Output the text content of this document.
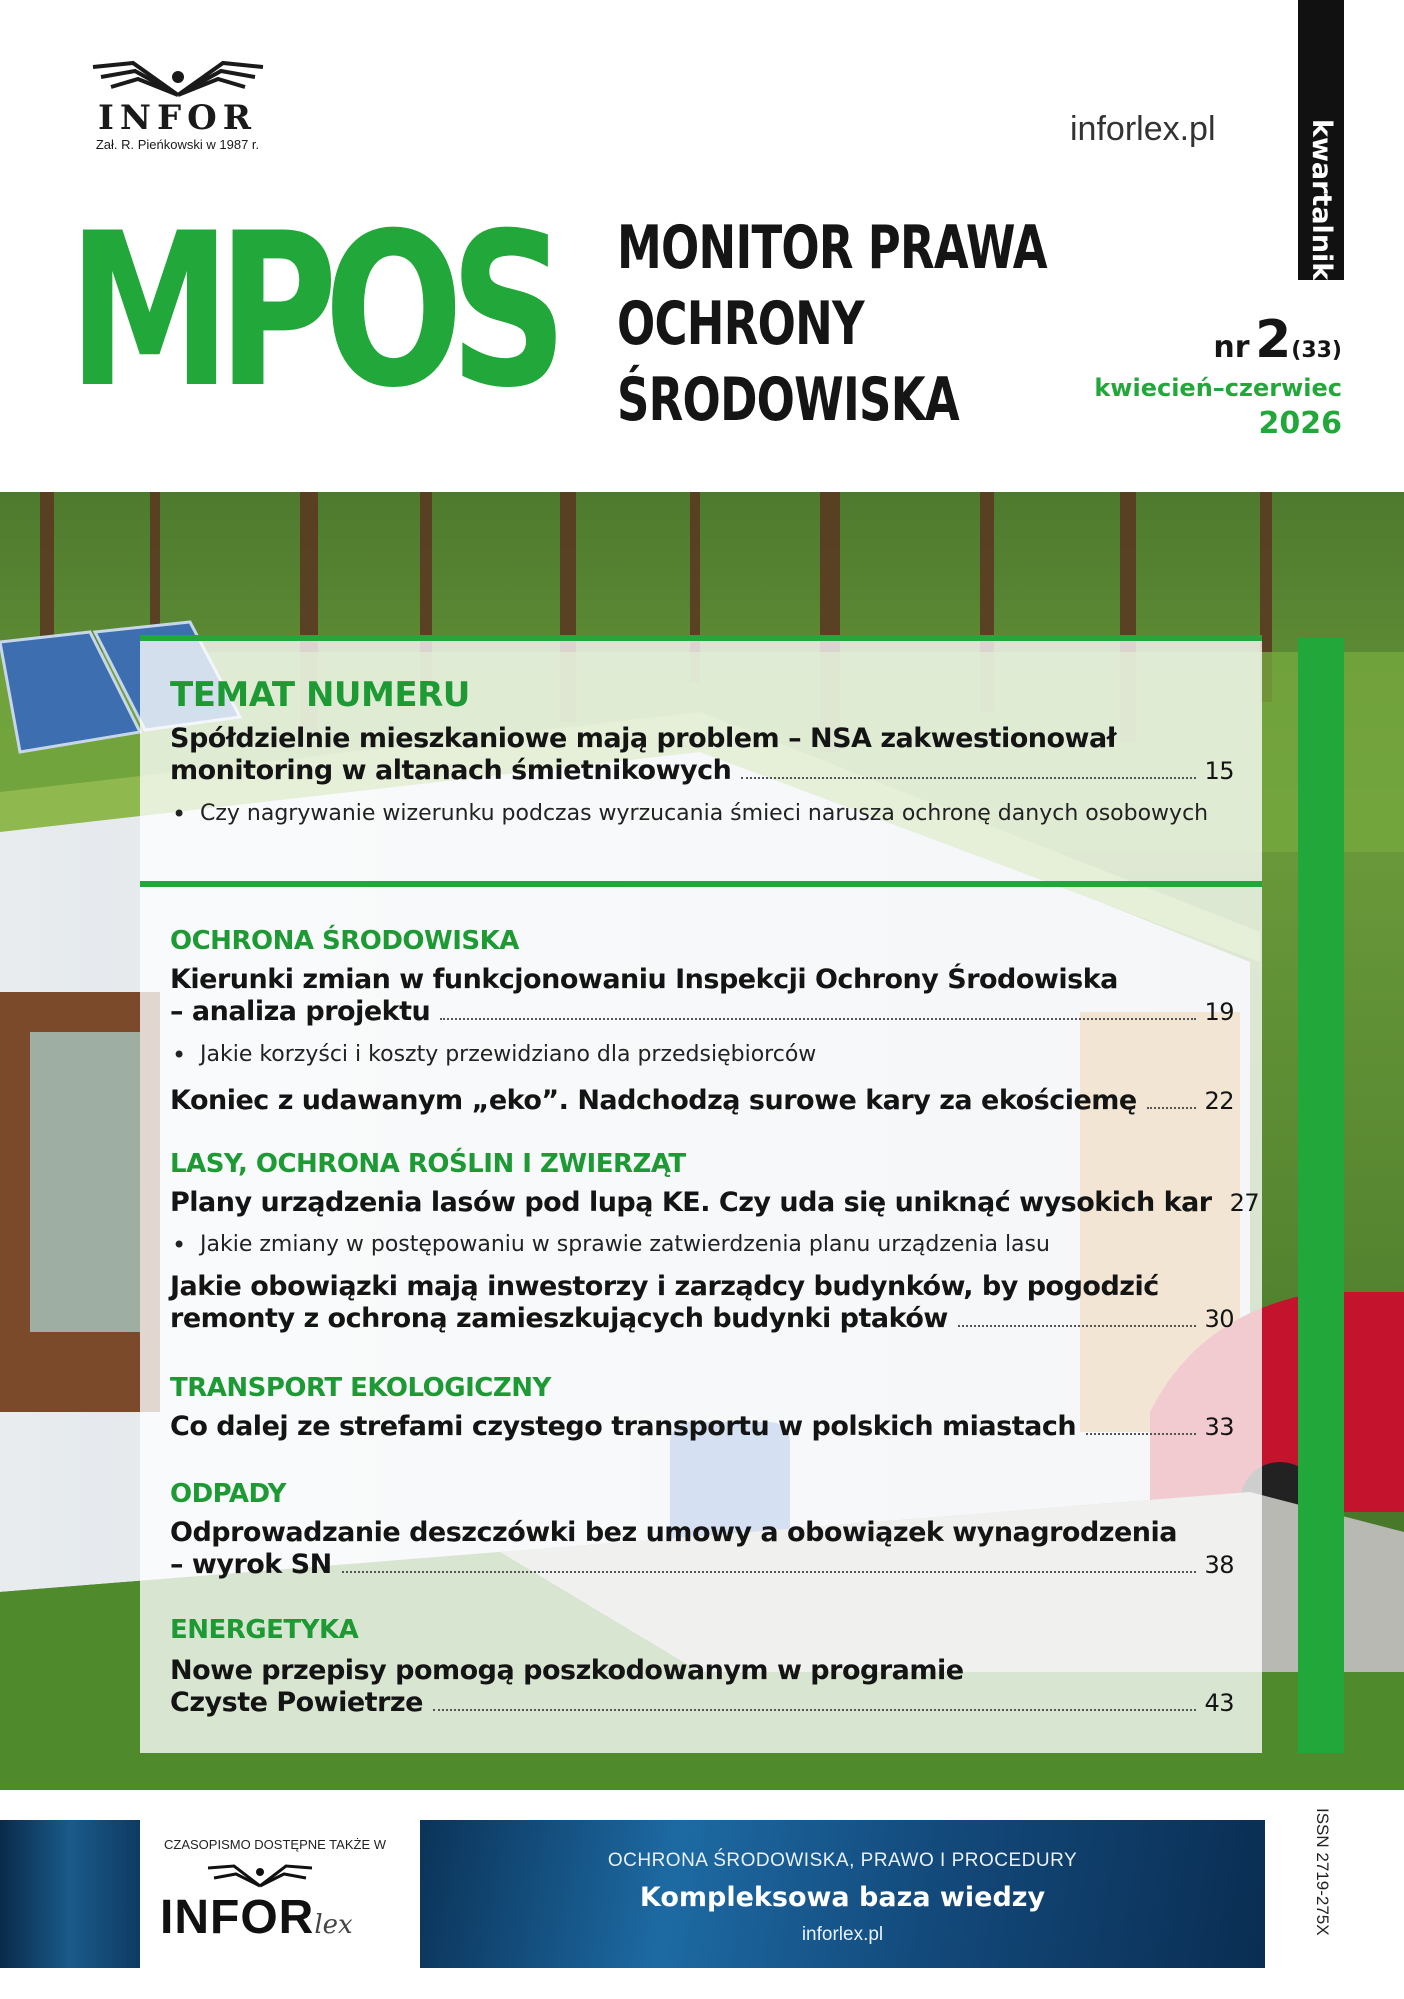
INFOR
Zał. R. Pieńkowski w 1987 r.	inforlex.pl	kwartalnik
MPOS MONITOR PRAWA
OCHRONY
ŚRODOWISKA
nr 2(33)
kwiecień–czerwiec
2026
TEMAT NUMERU
Spółdzielnie mieszkaniowe mają problem – NSA zakwestionował
monitoring w altanach śmietnikowych	15
• Czy nagrywanie wizerunku podczas wyrzucania śmieci narusza ochronę danych osobowych
OCHRONA ŚRODOWISKA
Kierunki zmian w funkcjonowaniu Inspekcji Ochrony Środowiska
– analiza projektu	19
• Jakie korzyści i koszty przewidziano dla przedsiębiorców
Koniec z udawanym „eko”. Nadchodzą surowe kary za ekościemę	22
LASY, OCHRONA ROŚLIN I ZWIERZĄT
Plany urządzenia lasów pod lupą KE. Czy uda się uniknąć wysokich kar 27
• Jakie zmiany w postępowaniu w sprawie zatwierdzenia planu urządzenia lasu
Jakie obowiązki mają inwestorzy i zarządcy budynków, by pogodzić
remonty z ochroną zamieszkujących budynki ptaków	30
TRANSPORT EKOLOGICZNY
Co dalej ze strefami czystego transportu w polskich miastach	33
ODPADY
Odprowadzanie deszczówki bez umowy a obowiązek wynagrodzenia
– wyrok SN	38
ENERGETYKA
Nowe przepisy pomogą poszkodowanym w programie
Czyste Powietrze	43
CZASOPISMO DOSTĘPNE TAKŻE W
INFORlex
OCHRONA ŚRODOWISKA, PRAWO I PROCEDURY
Kompleksowa baza wiedzy
inforlex.pl	ISSN 2719-275X
